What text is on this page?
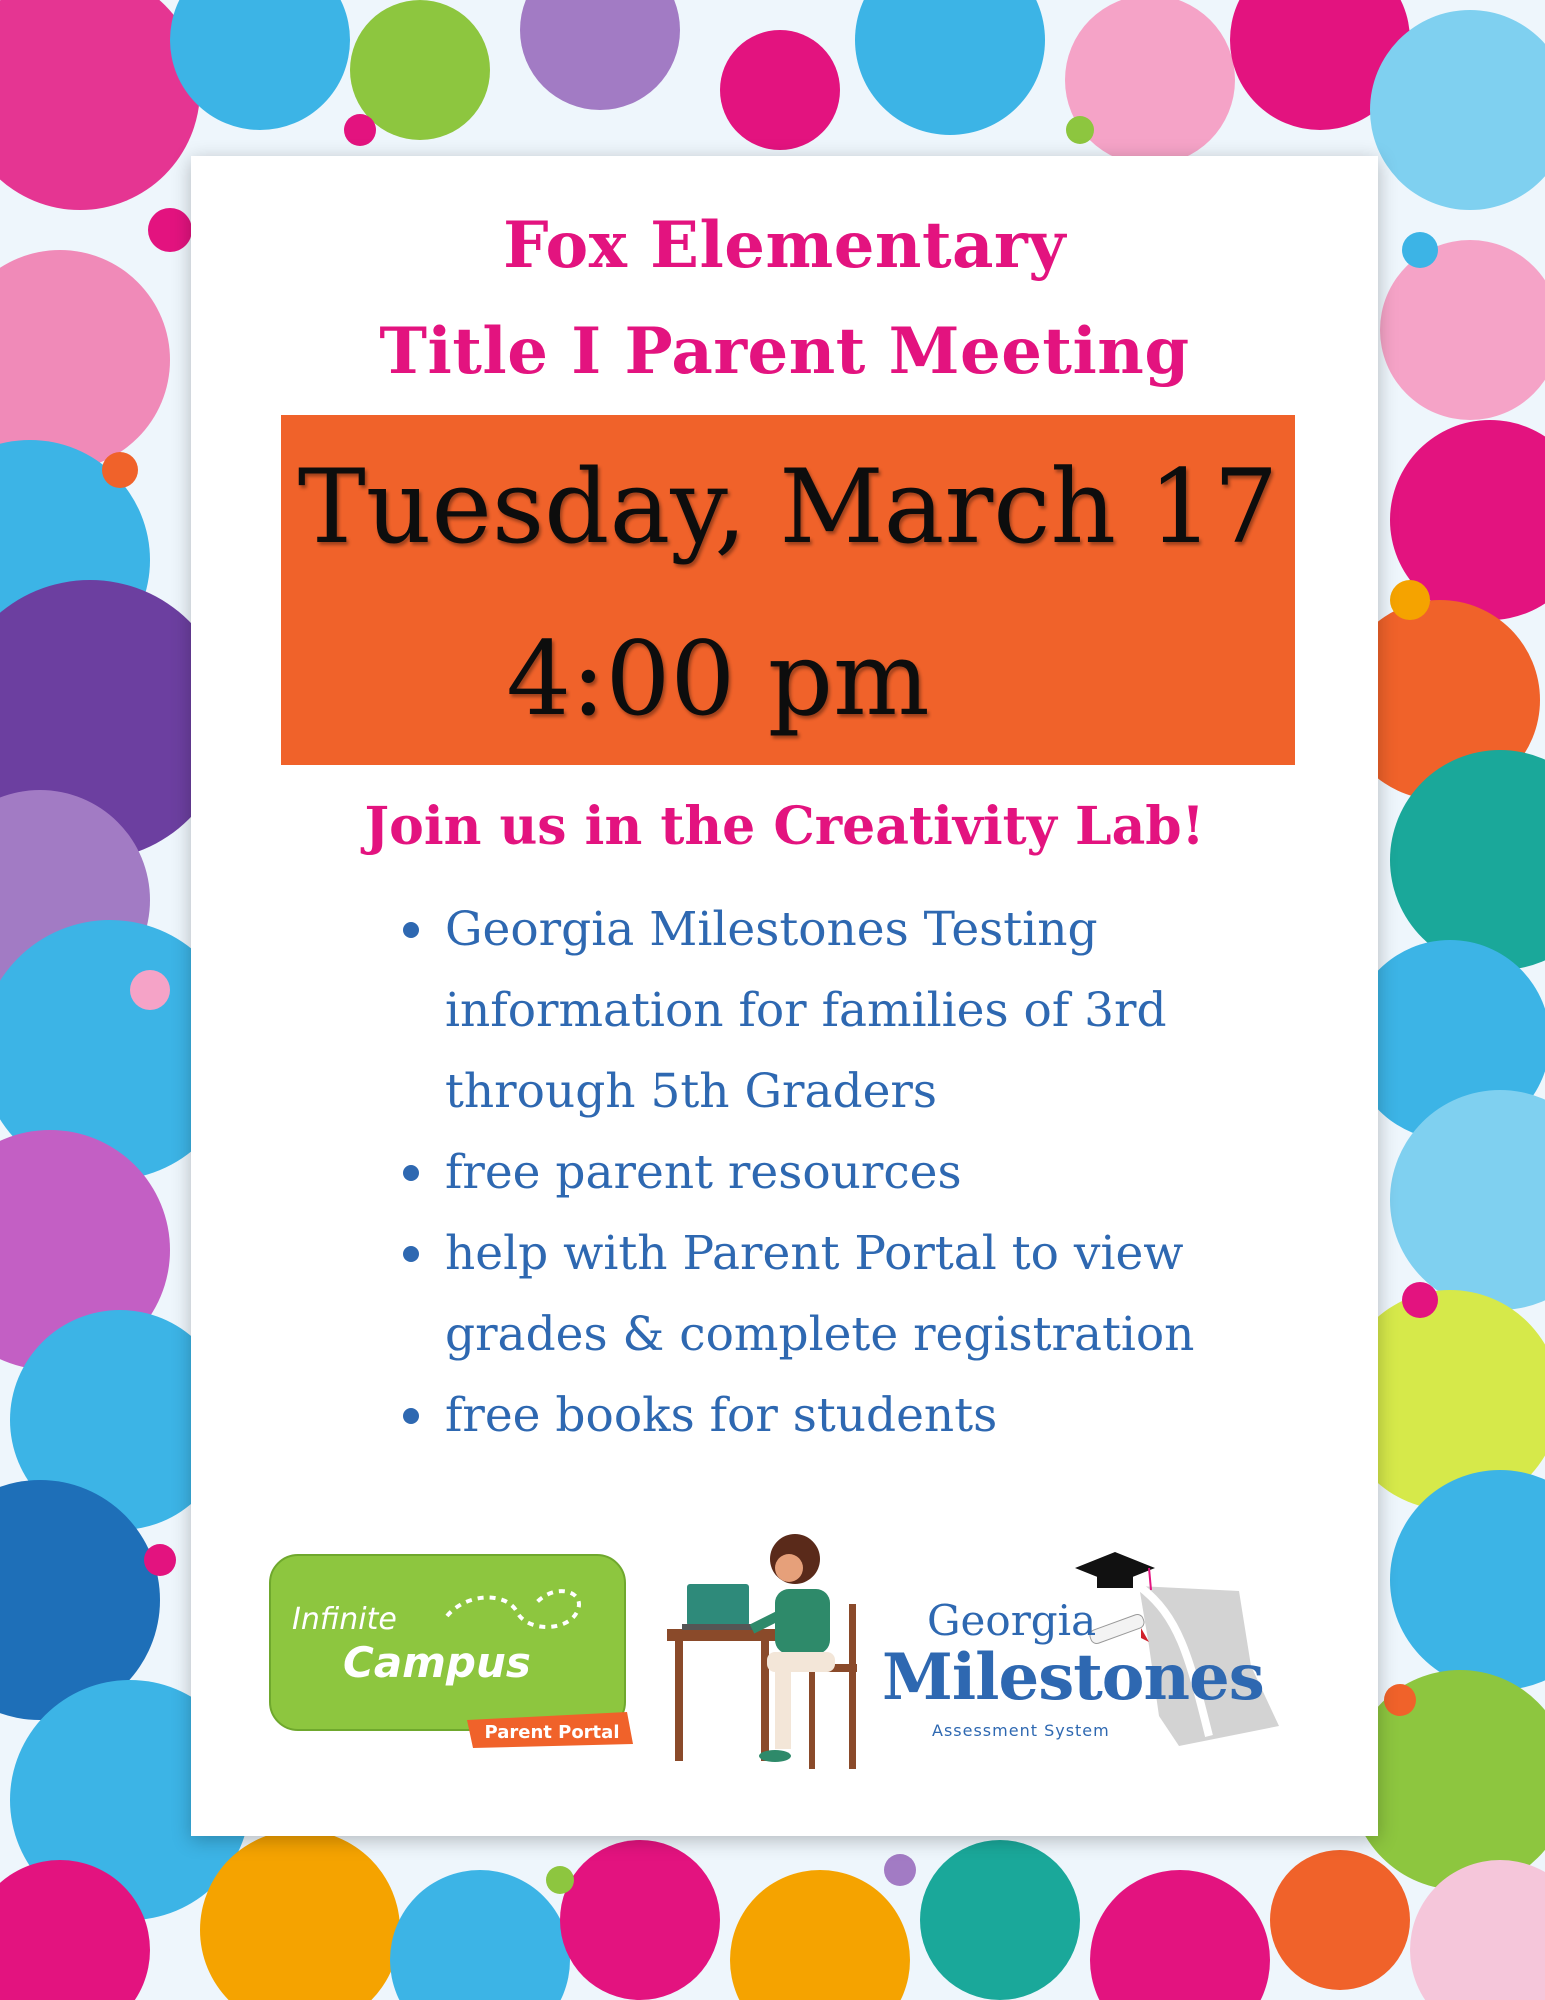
Fox Elementary
Title I Parent Meeting
Tuesday, March 17
4:00 pm
Join us in the Creativity Lab!
Georgia Milestones Testing
information for families of 3rd
through 5th Graders
free parent resources
help with Parent Portal to view
grades & complete registration
free books for students
Infinite
Campus
Parent Portal
Georgia
Milestones
Assessment System
